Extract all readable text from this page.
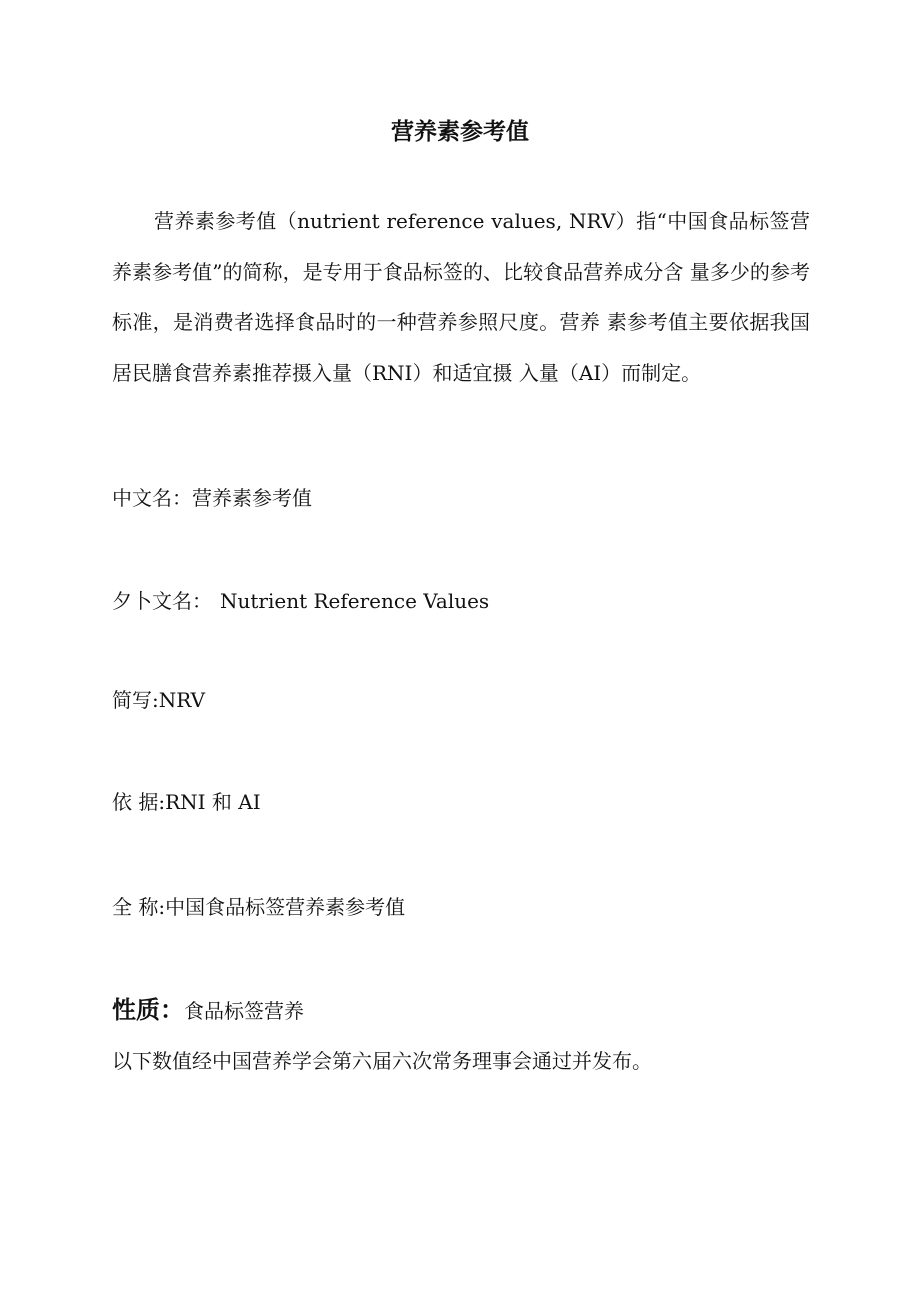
营养素参考值

营养素参考值（nutrient reference values, NRV）指“中国食品标签营养素参考值”的简称，是专用于食品标签的、比较食品营养成分含 量多少的参考标准，是消费者选择食品时的一种营养参照尺度。营养 素参考值主要依据我国居民膳食营养素推荐摄入量（RNI）和适宜摄 入量（AI）而制定。

中文名：营养素参考值
夕卜文名： Nutrient Reference Values
简写:NRV
依 据:RNI 和 AI
全 称:中国食品标签营养素参考值
性质：食品标签营养
以下数值经中国营养学会第六届六次常务理事会通过并发布。
